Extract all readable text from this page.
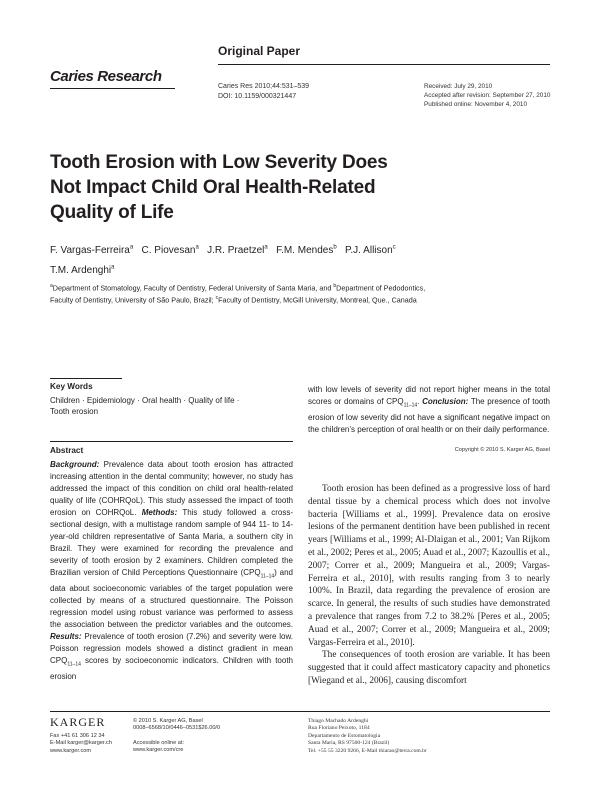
Original Paper
Caries Research
Caries Res 2010;44:531–539
DOI: 10.1159/000321447
Received: July 29, 2010
Accepted after revision: September 27, 2010
Published online: November 4, 2010
Tooth Erosion with Low Severity Does
Not Impact Child Oral Health-Related
Quality of Life
F. Vargas-Ferreira$^a$ C. Piovesan$^a$ J.R. Praetzel$^a$ F.M. Mendes$^b$ P.J. Allison$^c$
T.M. Ardenghi$^a$
$^a$Department of Stomatology, Faculty of Dentistry, Federal University of Santa Maria, and $^b$Department of Pedodontics,
Faculty of Dentistry, University of São Paulo, Brazil; $^c$Faculty of Dentistry, McGill University, Montreal, Que., Canada
Key Words
Children · Epidemiology · Oral health · Quality of life ·
Tooth erosion
Abstract
Background: Prevalence data about tooth erosion has attracted increasing attention in the dental community; however, no study has addressed the impact of this condition on child oral health-related quality of life (COHRQoL). This study assessed the impact of tooth erosion on COHRQoL. Methods: This study followed a cross-sectional design, with a multistage random sample of 944 11- to 14-year-old children representative of Santa Maria, a southern city in Brazil. They were examined for recording the prevalence and severity of tooth erosion by 2 examiners. Children completed the Brazilian version of Child Perceptions Questionnaire $(CPQ_{11-14})$ and data about socioeconomic variables of the target population were collected by means of a structured questionnaire. The Poisson regression model using robust variance was performed to assess the association between the predictor variables and the outcomes. Results: Prevalence of tooth erosion (7.2%) and severity were low. Poisson regression models showed a distinct gradient in mean $CPQ_{11-14}$ scores by socioeconomic indicators. Children with tooth erosion
with low levels of severity did not report higher means in the total scores or domains of $CPQ_{11-14}$. Conclusion: The presence of tooth erosion of low severity did not have a significant negative impact on the children’s perception of oral health or on their daily performance.
Copyright © 2010 S. Karger AG, Basel

Tooth erosion has been defined as a progressive loss of hard dental tissue by a chemical process which does not involve bacteria [Williams et al., 1999]. Prevalence data on erosive lesions of the permanent dentition have been published in recent years [Williams et al., 1999; Al-Dlaigan et al., 2001; Van Rijkom et al., 2002; Peres et al., 2005; Auad et al., 2007; Kazoullis et al., 2007; Correr et al., 2009; Mangueira et al., 2009; Vargas-Ferreira et al., 2010], with results ranging from 3 to nearly 100%. In Brazil, data regarding the prevalence of erosion are scarce. In general, the results of such studies have demonstrated a prevalence that ranges from 7.2 to 38.2% [Peres et al., 2005; Auad et al., 2007; Correr et al., 2009; Mangueira et al., 2009; Vargas-Ferreira et al., 2010].

The consequences of tooth erosion are variable. It has been suggested that it could affect masticatory capacity and phonetics [Wiegand et al., 2006], causing discomfort

KARGER
Fax +41 61 306 12 34
E-Mail karger@karger.ch
www.karger.com
© 2010 S. Karger AG, Basel
0008–6568/10/0446–0531$26.00/0
Accessible online at:
www.karger.com/cre
Thiago Machado Ardenghi
Rua Floriano Peixoto, 1184
Departamento de Estomatologia
Santa Maria, RS 97500-124 (Brazil)
Tel. +55 55 3220 9266, E-Mail thiarao@terra.com.br
